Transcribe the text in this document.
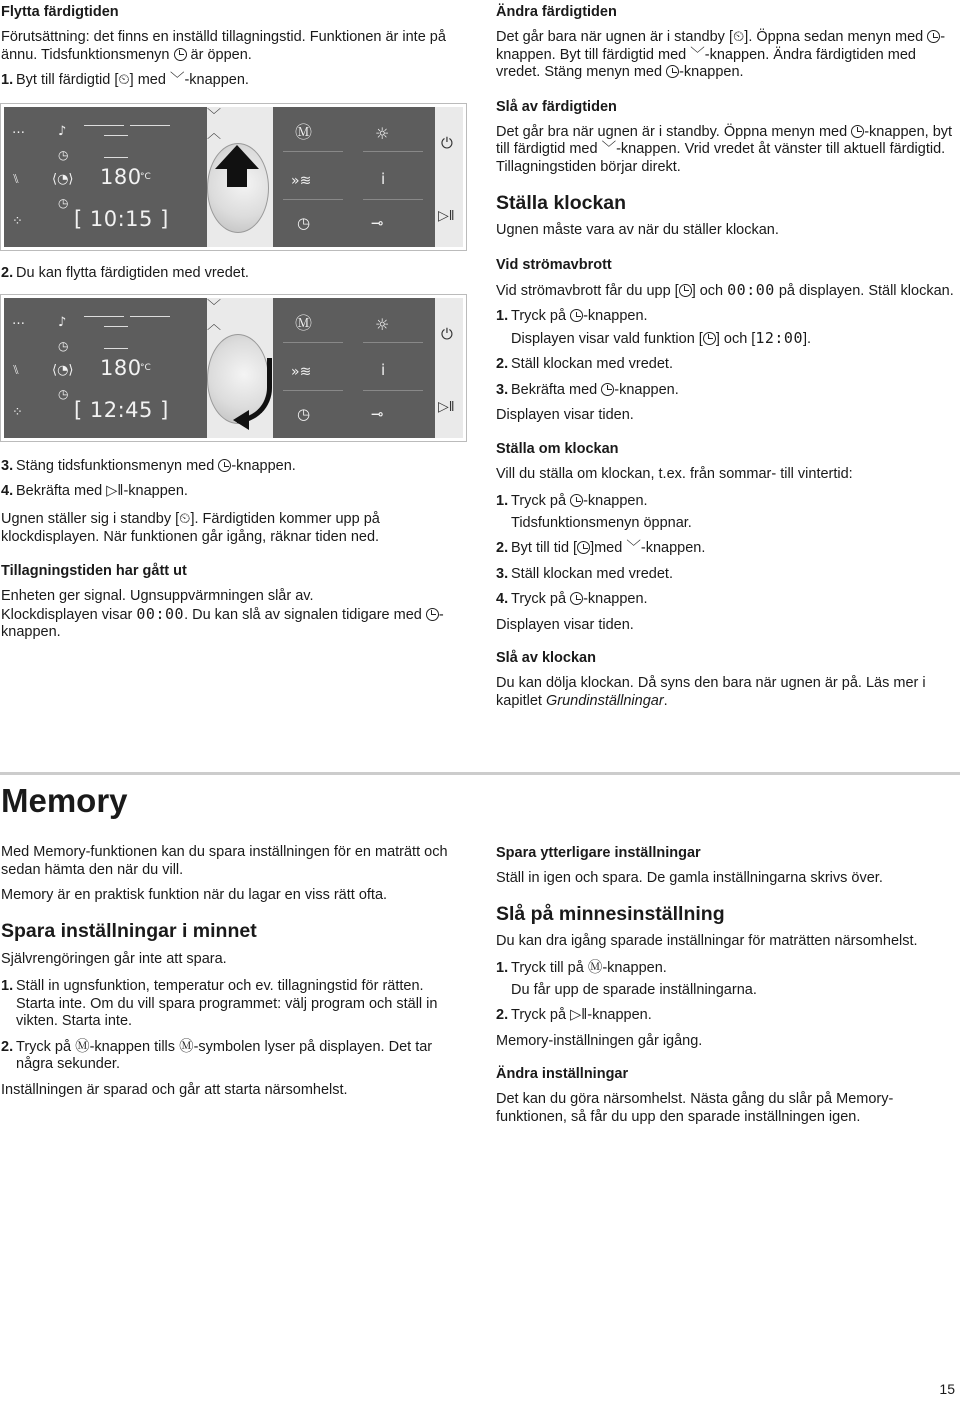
Flytta färdigtiden

Förutsättning: det finns en inställd tillagningstid. Funktionen är inte på ännu. Tidsfunktionsmenyn är öppen.

1. Byt till färdigtid [⏲] med ﹀-knappen.

…
⑊
⁘
♪
◷
⟨◔⟩
◷
180
°C
[ 10:15 ]
﹀
︿	Ⓜ	☼
»≋	ⅰ
◷	⊸
⏻
▷‖

2. Du kan flytta färdigtiden med vredet.

…
⑊
⁘
♪
◷
⟨◔⟩
◷
180
°C
[ 12:45 ]
﹀
︿	Ⓜ	☼
»≋	ⅰ
◷	⊸
⏻
▷‖

3. Stäng tidsfunktionsmenyn med -knappen.

4. Bekräfta med ▷‖-knappen.

Ugnen ställer sig i standby [⏲]. Färdigtiden kommer upp på klockdisplayen. När funktionen går igång, räknar tiden ned.

Tillagningstiden har gått ut

Enheten ger signal. Ugnsuppvärmningen slår av.

Klockdisplayen visar 00:00. Du kan slå av signalen tidigare med -knappen.

Ändra färdigtiden

Det går bara när ugnen är i standby [⏲]. Öppna sedan menyn med -knappen. Byt till färdigtid med ﹀-knappen. Ändra färdigtiden med vredet. Stäng menyn med -knappen.

Slå av färdigtiden

Det går bra när ugnen är i standby. Öppna menyn med -knappen, byt till färdigtid med ﹀-knappen. Vrid vredet åt vänster till aktuell färdigtid. Tillagningstiden börjar direkt.

Ställa klockan

Ugnen måste vara av när du ställer klockan.

Vid strömavbrott

Vid strömavbrott får du upp [ ] och 00:00 på displayen. Ställ klockan.

1. Tryck på -knappen.

Displayen visar vald funktion [ ] och [12:00].

2. Ställ klockan med vredet.

3. Bekräfta med -knappen.

Displayen visar tiden.

Ställa om klockan

Vill du ställa om klockan, t.ex. från sommar- till vintertid:

1. Tryck på -knappen.

Tidsfunktionsmenyn öppnar.

2. Byt till tid [ ]med ﹀-knappen.

3. Ställ klockan med vredet.

4. Tryck på -knappen.

Displayen visar tiden.

Slå av klockan

Du kan dölja klockan. Då syns den bara när ugnen är på. Läs mer i kapitlet Grundinställningar.

Memory

Med Memory-funktionen kan du spara inställningen för en maträtt och sedan hämta den när du vill.

Memory är en praktisk funktion när du lagar en viss rätt ofta.

Spara inställningar i minnet

Självrengöringen går inte att spara.

1. Ställ in ugnsfunktion, temperatur och ev. tillagningstid för rätten. Starta inte. Om du vill spara programmet: välj program och ställ in vikten. Starta inte.

2. Tryck på Ⓜ-knappen tills Ⓜ-symbolen lyser på displayen. Det tar några sekunder.

Inställningen är sparad och går att starta närsomhelst.

Spara ytterligare inställningar

Ställ in igen och spara. De gamla inställningarna skrivs över.

Slå på minnesinställning

Du kan dra igång sparade inställningar för maträtten närsomhelst.

1. Tryck till på Ⓜ-knappen.

Du får upp de sparade inställningarna.

2. Tryck på ▷‖-knappen.

Memory-inställningen går igång.

Ändra inställningar

Det kan du göra närsomhelst. Nästa gång du slår på Memory-funktionen, så får du upp den sparade inställningen igen.

15
